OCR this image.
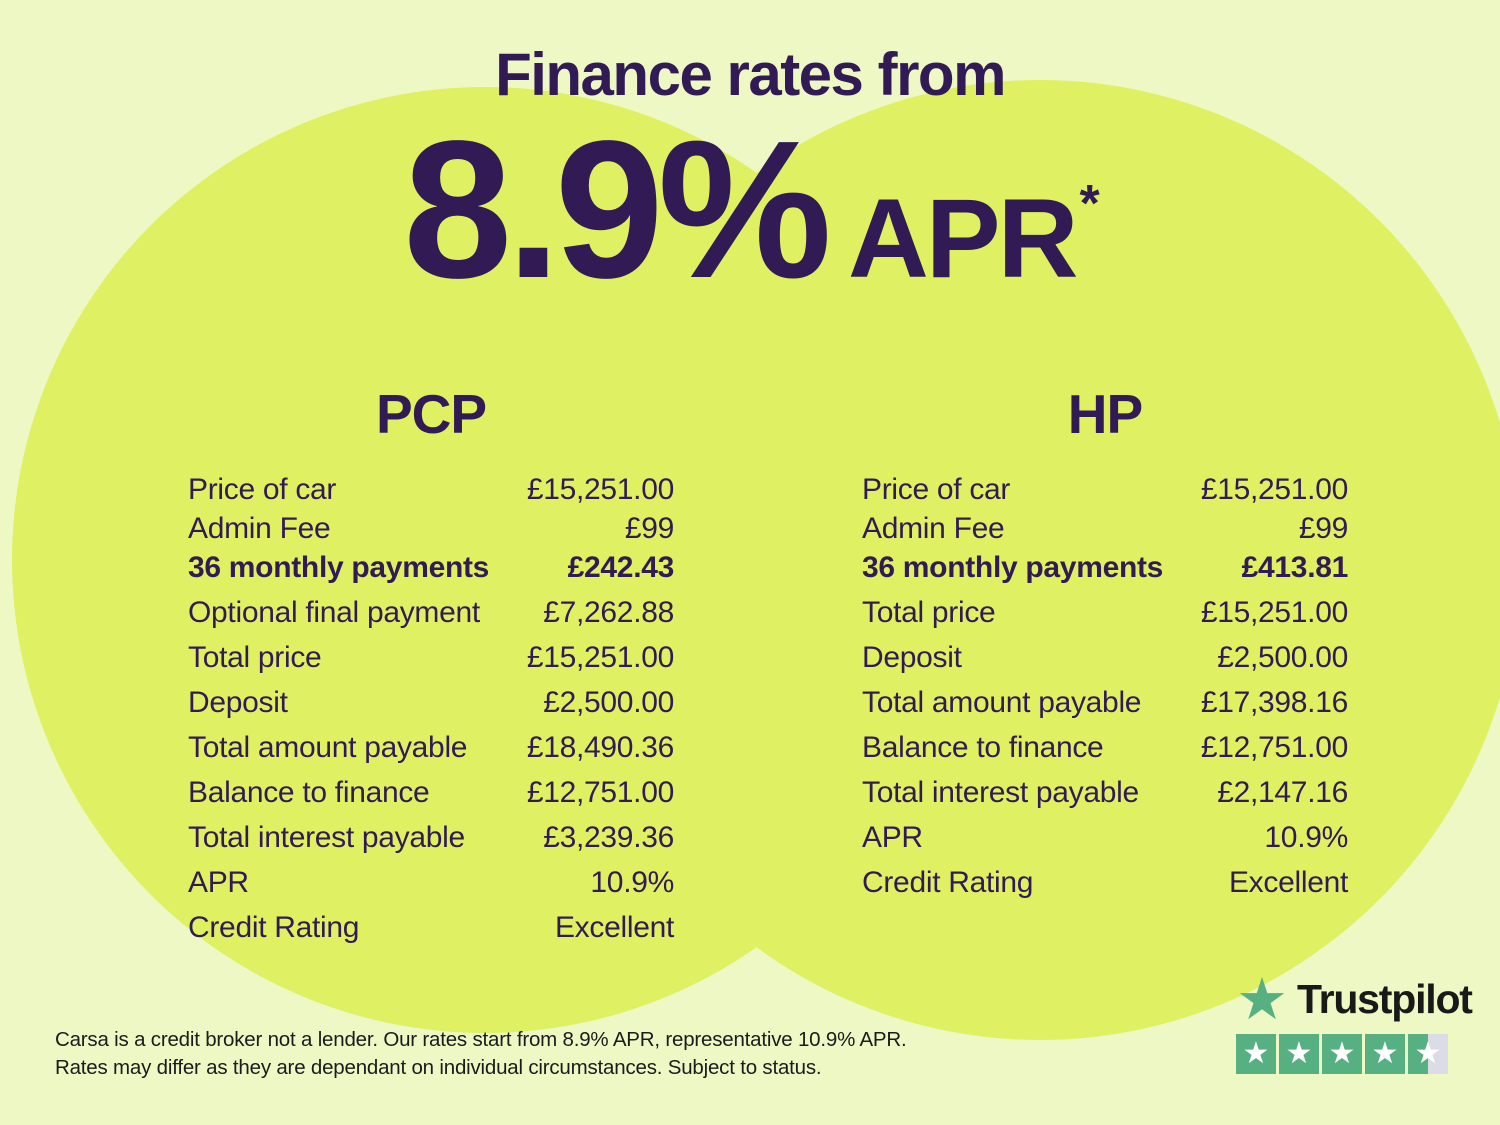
Finance rates from
8.9% APR*
PCP
Price of car	£15,251.00
Admin Fee	£99
36 monthly payments	£242.43
Optional final payment £7,262.88
Total price	£15,251.00
Deposit	£2,500.00
Total amount payable £18,490.36
Balance to finance	£12,751.00
Total interest payable	£3,239.36
APR	10.9%
Credit Rating	Excellent
HP
Price of car	£15,251.00
Admin Fee	£99
36 monthly payments	£413.81
Total price	£15,251.00
Deposit	£2,500.00
Total amount payable £17,398.16
Balance to finance	£12,751.00
Total interest payable	£2,147.16
APR	10.9%
Credit Rating	Excellent
Carsa is a credit broker not a lender. Our rates start from 8.9% APR, representative 10.9% APR.
Rates may differ as they are dependant on individual circumstances. Subject to status.
★ Trustpilot
★ ★ ★ ★ ★
